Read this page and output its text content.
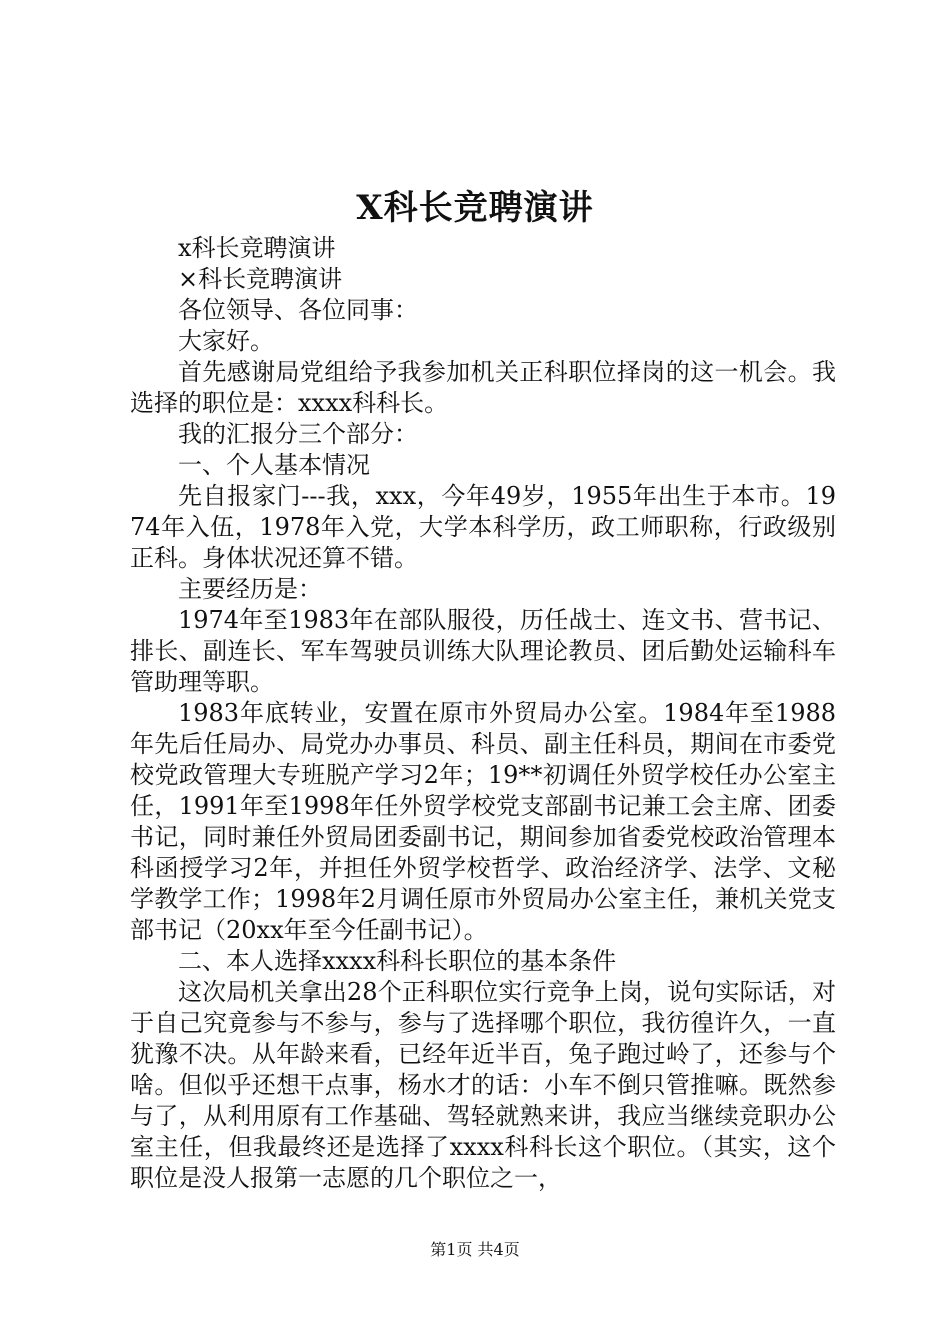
X科长竞聘演讲

x科长竞聘演讲

×科长竞聘演讲

各位领导、各位同事：

大家好。

首先感谢局党组给予我参加机关正科职位择岗的这一机会。我选择的职位是：xxxx科科长。

我的汇报分三个部分：

一、个人基本情况

先自报家门---我，xxx，今年49岁，1955年出生于本市。1974年入伍，1978年入党，大学本科学历，政工师职称，行政级别正科。身体状况还算不错。

主要经历是：

1974年至1983年在部队服役，历任战士、连文书、营书记、排长、副连长、军车驾驶员训练大队理论教员、团后勤处运输科车管助理等职。

1983年底转业，安置在原市外贸局办公室。1984年至1988年先后任局办、局党办办事员、科员、副主任科员，期间在市委党校党政管理大专班脱产学习2年；19**初调任外贸学校任办公室主任，1991年至1998年任外贸学校党支部副书记兼工会主席、团委书记，同时兼任外贸局团委副书记，期间参加省委党校政治管理本科函授学习2年，并担任外贸学校哲学、政治经济学、法学、文秘学教学工作；1998年2月调任原市外贸局办公室主任，兼机关党支部书记（20xx年至今任副书记）。

二、本人选择xxxx科科长职位的基本条件

这次局机关拿出28个正科职位实行竞争上岗，说句实际话，对于自己究竟参与不参与，参与了选择哪个职位，我彷徨许久，一直犹豫不决。从年龄来看，已经年近半百，兔子跑过岭了，还参与个啥。但似乎还想干点事，杨水才的话：小车不倒只管推嘛。既然参与了，从利用原有工作基础、驾轻就熟来讲，我应当继续竞职办公室主任，但我最终还是选择了xxxx科科长这个职位。（其实，这个职位是没人报第一志愿的几个职位之一，

第1页 共4页
